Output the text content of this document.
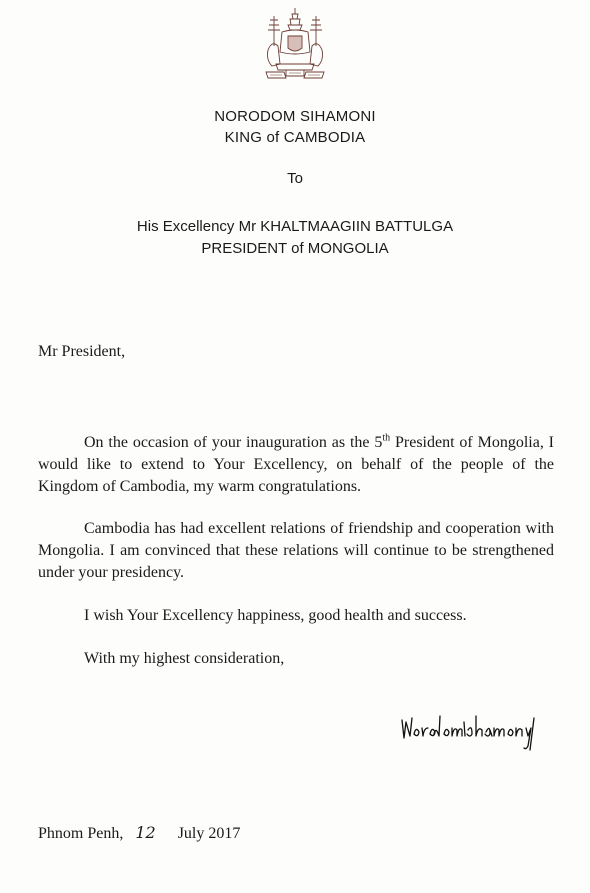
NORODOM SIHAMONI
KING of CAMBODIA
To
His Excellency Mr KHALTMAAGIIN BATTULGA
PRESIDENT of MONGOLIA
Mr President,
On the occasion of your inauguration as the 5th President of Mongolia, I would like to extend to Your Excellency, on behalf of the people of the Kingdom of Cambodia, my warm congratulations.
Cambodia has had excellent relations of friendship and cooperation with Mongolia. I am convinced that these relations will continue to be strengthened under your presidency.
I wish Your Excellency happiness, good health and success.
With my highest consideration,
Phnom Penh, 12 July 2017
